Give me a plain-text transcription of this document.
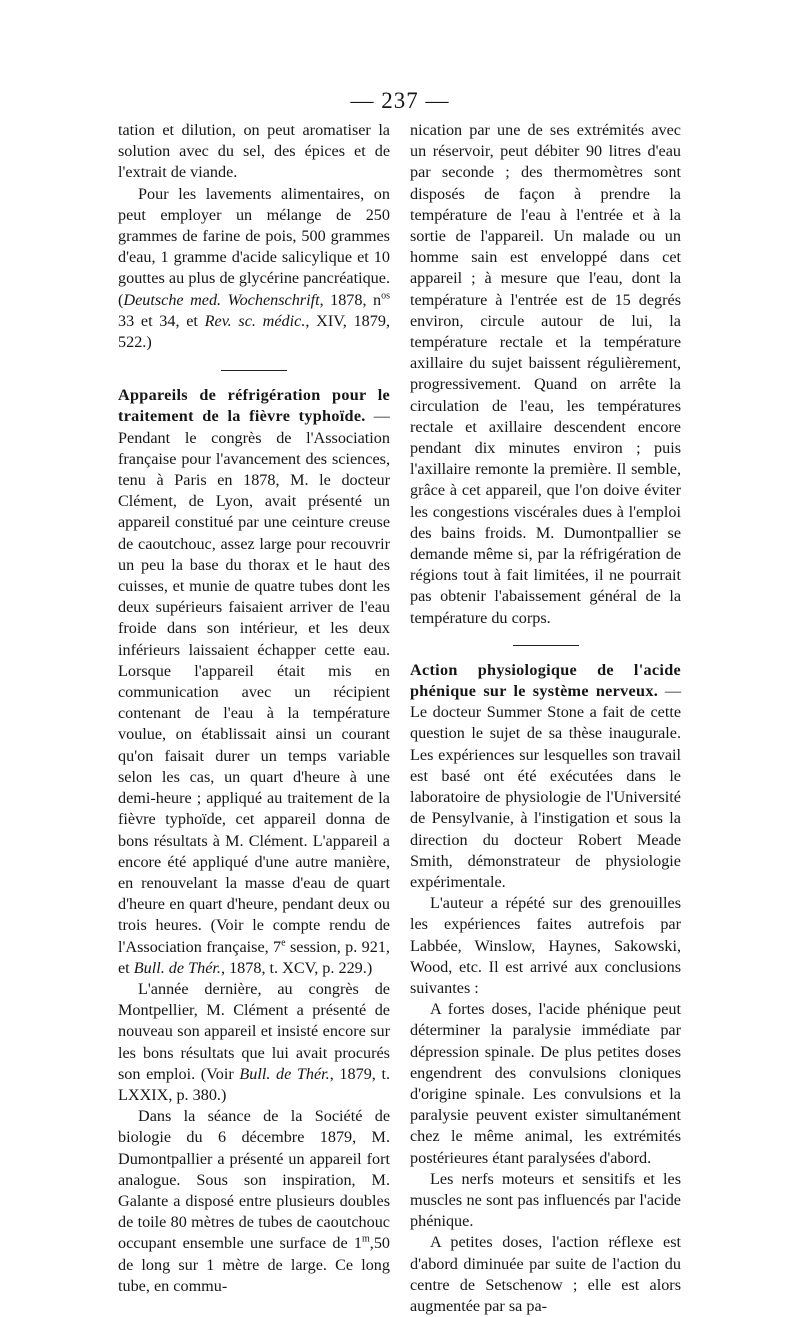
— 237 —

tation et dilution, on peut aromatiser la solution avec du sel, des épices et de l'extrait de viande.

Pour les lavements alimentaires, on peut employer un mélange de 250 grammes de farine de pois, 500 grammes d'eau, 1 gramme d'acide salicylique et 10 gouttes au plus de glycérine pancréatique. (Deutsche med. Wochenschrift, 1878, $n^{os}$ 33 et 34, et Rev. sc. médic., XIV, 1879, 522.)

Appareils de réfrigération pour le traitement de la fièvre typhoïde. — Pendant le congrès de l'Association française pour l'avancement des sciences, tenu à Paris en 1878, M. le docteur Clément, de Lyon, avait présenté un appareil constitué par une ceinture creuse de caoutchouc, assez large pour recouvrir un peu la base du thorax et le haut des cuisses, et munie de quatre tubes dont les deux supérieurs faisaient arriver de l'eau froide dans son intérieur, et les deux inférieurs laissaient échapper cette eau. Lorsque l'appareil était mis en communication avec un récipient contenant de l'eau à la température voulue, on établissait ainsi un courant qu'on faisait durer un temps variable selon les cas, un quart d'heure à une demi-heure ; appliqué au traitement de la fièvre typhoïde, cet appareil donna de bons résultats à M. Clément. L'appareil a encore été appliqué d'une autre manière, en renouvelant la masse d'eau de quart d'heure en quart d'heure, pendant deux ou trois heures. (Voir le compte rendu de l'Association française, 7e session, p. 921, et Bull. de Thér., 1878, t. XCV, p. 229.)

L'année dernière, au congrès de Montpellier, M. Clément a présenté de nouveau son appareil et insisté encore sur les bons résultats que lui avait procurés son emploi. (Voir Bull. de Thér., 1879, t. LXXIX, p. 380.)

Dans la séance de la Société de biologie du 6 décembre 1879, M. Dumontpallier a présenté un appareil fort analogue. Sous son inspiration, M. Galante a disposé entre plusieurs doubles de toile 80 mètres de tubes de caoutchouc occupant ensemble une surface de 1$^m$,50 de long sur 1 mètre de large. Ce long tube, en commu-

nication par une de ses extrémités avec un réservoir, peut débiter 90 litres d'eau par seconde ; des thermomètres sont disposés de façon à prendre la température de l'eau à l'entrée et à la sortie de l'appareil. Un malade ou un homme sain est enveloppé dans cet appareil ; à mesure que l'eau, dont la température à l'entrée est de 15 degrés environ, circule autour de lui, la température rectale et la température axillaire du sujet baissent régulièrement, progressivement. Quand on arrête la circulation de l'eau, les températures rectale et axillaire descendent encore pendant dix minutes environ ; puis l'axillaire remonte la première. Il semble, grâce à cet appareil, que l'on doive éviter les congestions viscérales dues à l'emploi des bains froids. M. Dumontpallier se demande même si, par la réfrigération de régions tout à fait limitées, il ne pourrait pas obtenir l'abaissement général de la température du corps.

Action physiologique de l'acide phénique sur le système nerveux. — Le docteur Summer Stone a fait de cette question le sujet de sa thèse inaugurale. Les expériences sur lesquelles son travail est basé ont été exécutées dans le laboratoire de physiologie de l'Université de Pensylvanie, à l'instigation et sous la direction du docteur Robert Meade Smith, démonstrateur de physiologie expérimentale.

L'auteur a répété sur des grenouilles les expériences faites autrefois par Labbée, Winslow, Haynes, Sakowski, Wood, etc. Il est arrivé aux conclusions suivantes :

A fortes doses, l'acide phénique peut déterminer la paralysie immédiate par dépression spinale. De plus petites doses engendrent des convulsions cloniques d'origine spinale. Les convulsions et la paralysie peuvent exister simultanément chez le même animal, les extrémités postérieures étant paralysées d'abord.

Les nerfs moteurs et sensitifs et les muscles ne sont pas influencés par l'acide phénique.

A petites doses, l'action réflexe est d'abord diminuée par suite de l'action du centre de Setschenow ; elle est alors augmentée par sa pa-
